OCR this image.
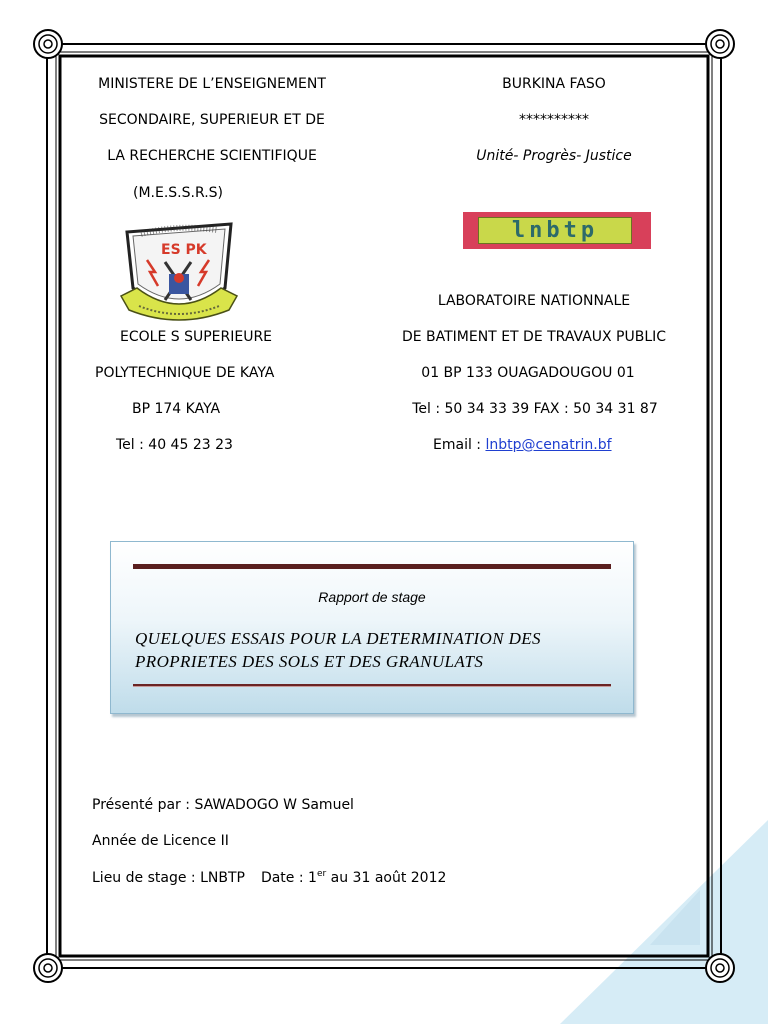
MINISTERE DE L’ENSEIGNEMENT
SECONDAIRE, SUPERIEUR ET DE
LA RECHERCHE SCIENTIFIQUE
(M.E.S.S.R.S)
BURKINA FASO
**********
Unité- Progrès- Justice
ES PK
lnbtp
ECOLE S SUPERIEURE
POLYTECHNIQUE DE KAYA
BP 174 KAYA
Tel : 40 45 23 23
LABORATOIRE NATIONNALE
DE BATIMENT ET DE TRAVAUX PUBLIC
01 BP 133 OUAGADOUGOU 01
Tel : 50 34 33 39 FAX : 50 34 31 87
Email : lnbtp@cenatrin.bf
Rapport de stage
QUELQUES ESSAIS POUR LA DETERMINATION DES PROPRIETES DES SOLS ET DES GRANULATS
Présenté par : SAWADOGO W Samuel
Année de Licence II
Lieu de stage : LNBTP Date : 1er au 31 août 2012
